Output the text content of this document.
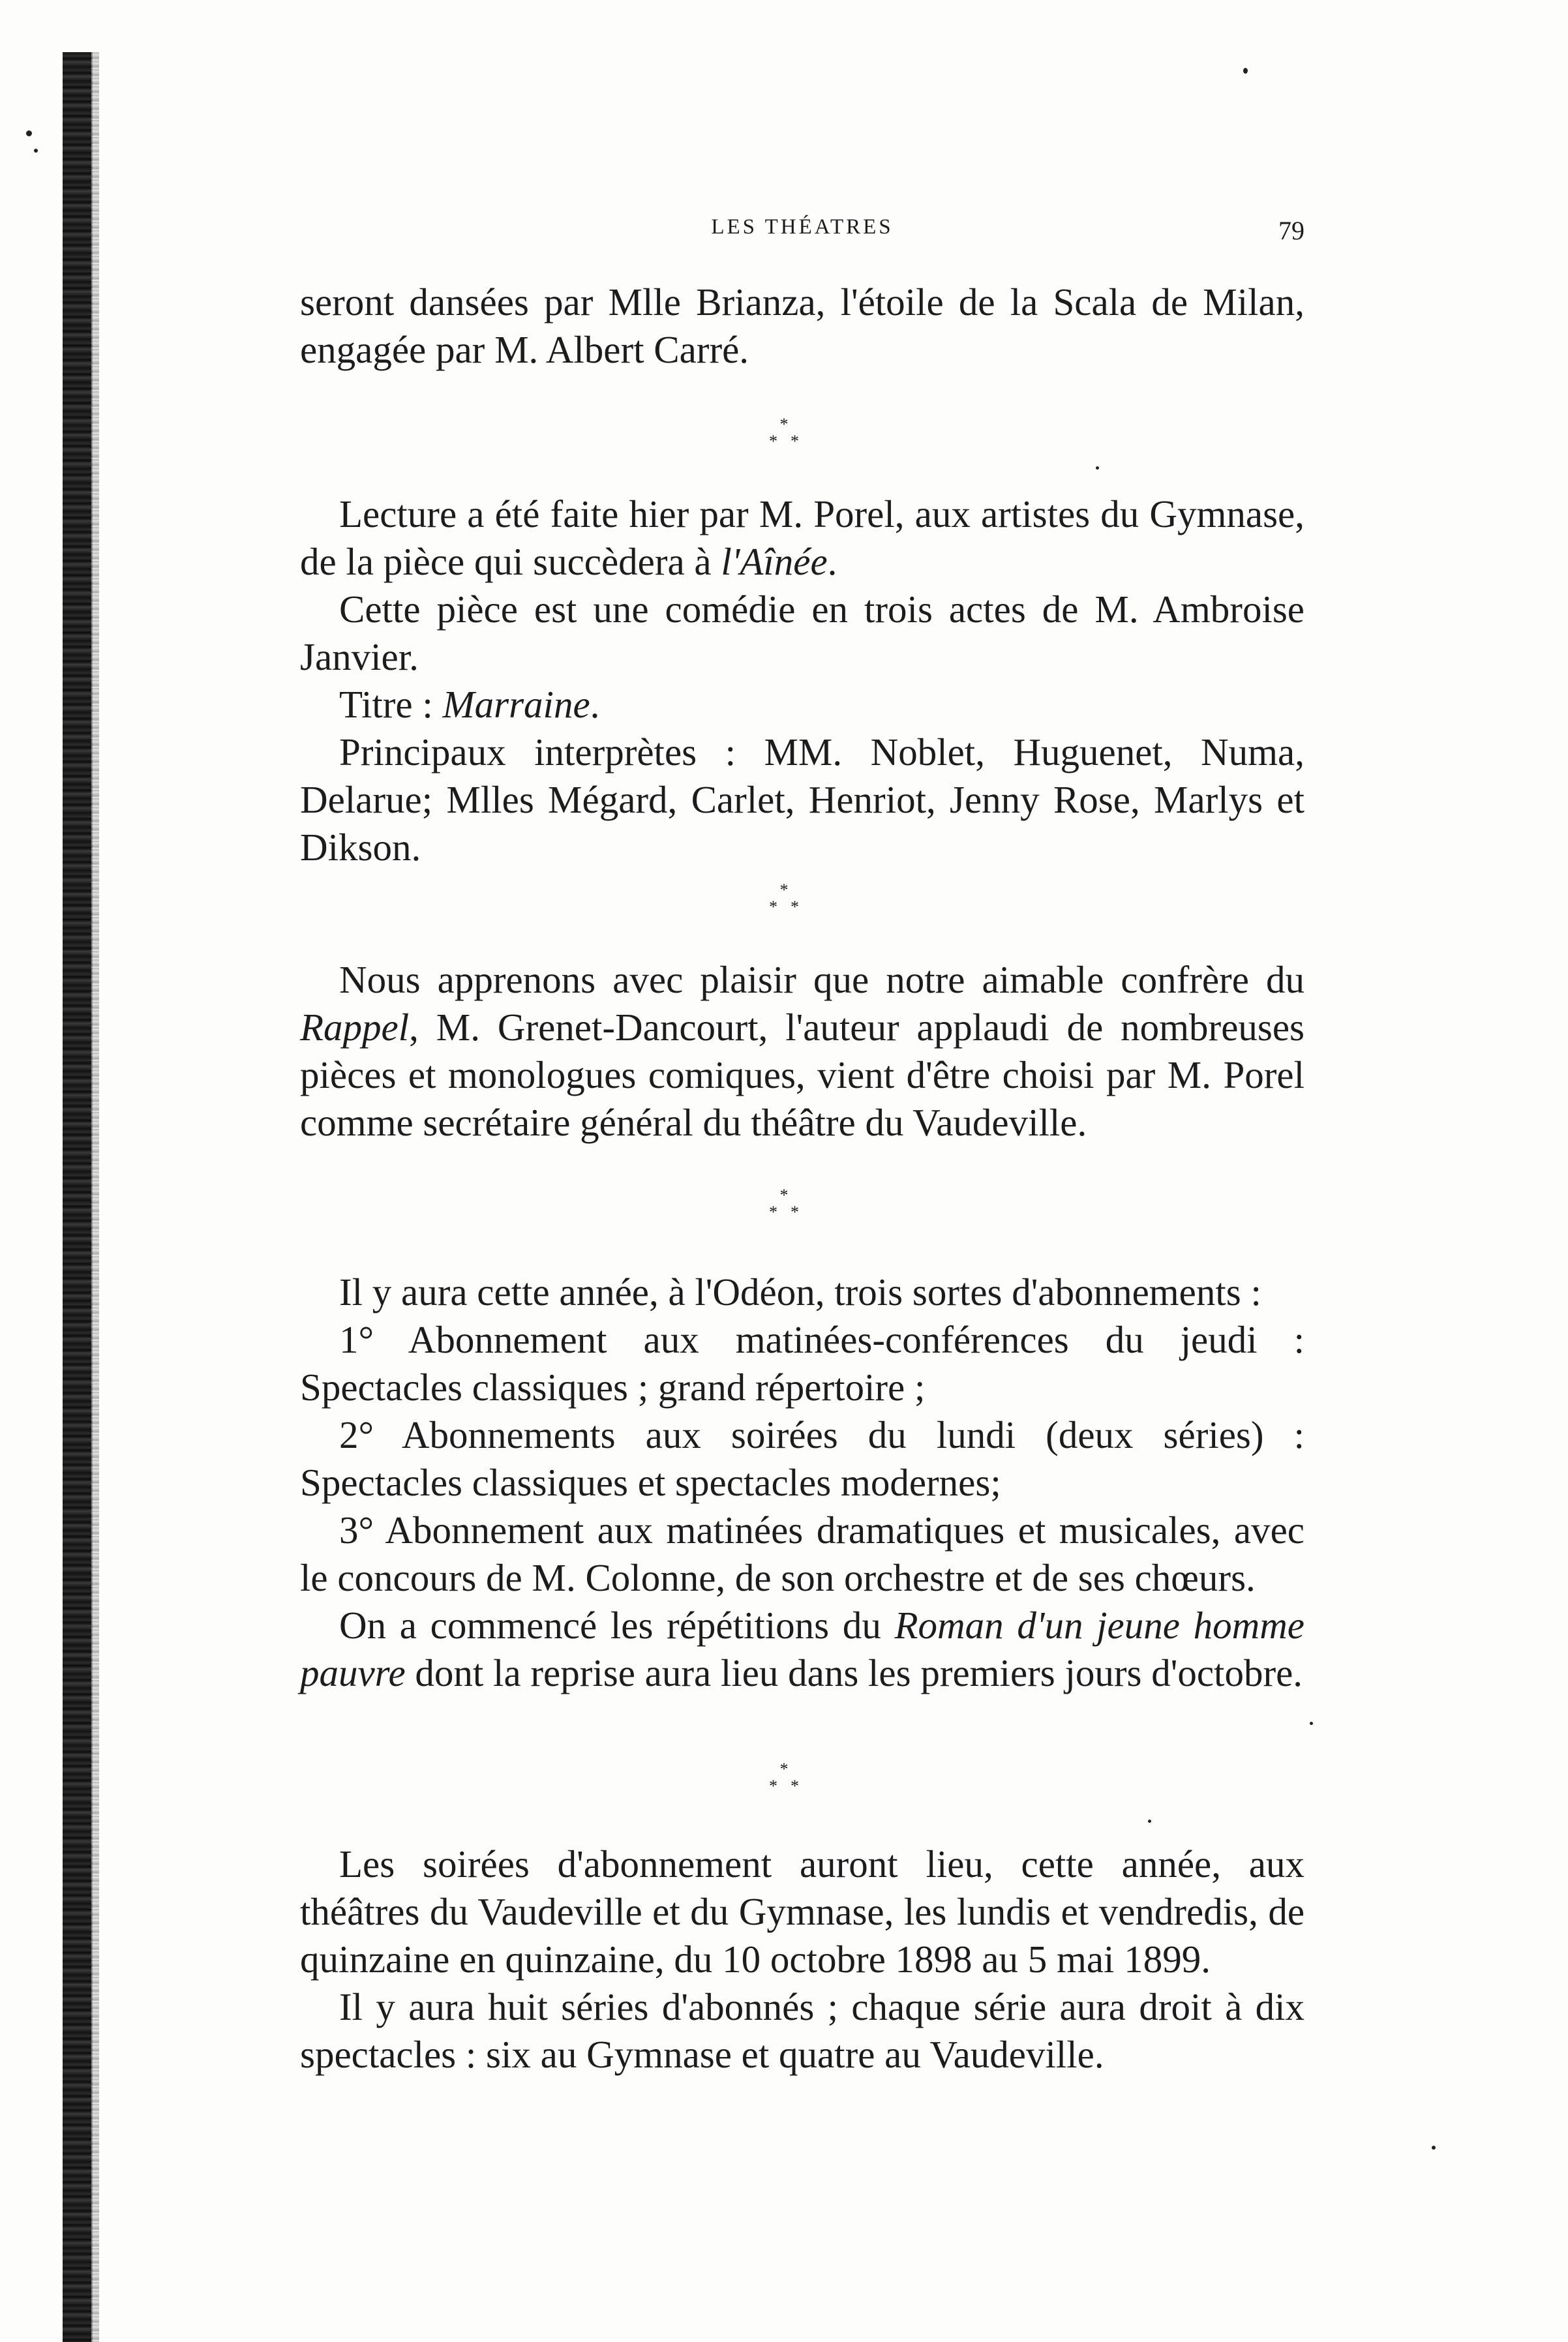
LES THÉATRES	79

seront dansées par Mlle Brianza, l'étoile de la Scala de Milan, engagée par M. Albert Carré.

*
**

Lecture a été faite hier par M. Porel, aux artistes du Gymnase, de la pièce qui succèdera à l'Aînée.

Cette pièce est une comédie en trois actes de M. Ambroise Janvier.

Titre : Marraine.

Principaux interprètes : MM. Noblet, Huguenet, Numa, Delarue; Mlles Mégard, Carlet, Henriot, Jenny Rose, Marlys et Dikson.

*
**

Nous apprenons avec plaisir que notre aimable confrère du Rappel, M. Grenet-Dancourt, l'auteur applaudi de nombreuses pièces et monologues comiques, vient d'être choisi par M. Porel comme secrétaire général du théâtre du Vaudeville.

*
**

Il y aura cette année, à l'Odéon, trois sortes d'abonnements :

1° Abonnement aux matinées-conférences du jeudi : Spectacles classiques ; grand répertoire ;

2° Abonnements aux soirées du lundi (deux séries) : Spectacles classiques et spectacles modernes;

3° Abonnement aux matinées dramatiques et musicales, avec le concours de M. Colonne, de son orchestre et de ses chœurs.

On a commencé les répétitions du Roman d'un jeune homme pauvre dont la reprise aura lieu dans les premiers jours d'octobre.

*
**

Les soirées d'abonnement auront lieu, cette année, aux théâtres du Vaudeville et du Gymnase, les lundis et vendredis, de quinzaine en quinzaine, du 10 octobre 1898 au 5 mai 1899.

Il y aura huit séries d'abonnés ; chaque série aura droit à dix spectacles : six au Gymnase et quatre au Vaudeville.
